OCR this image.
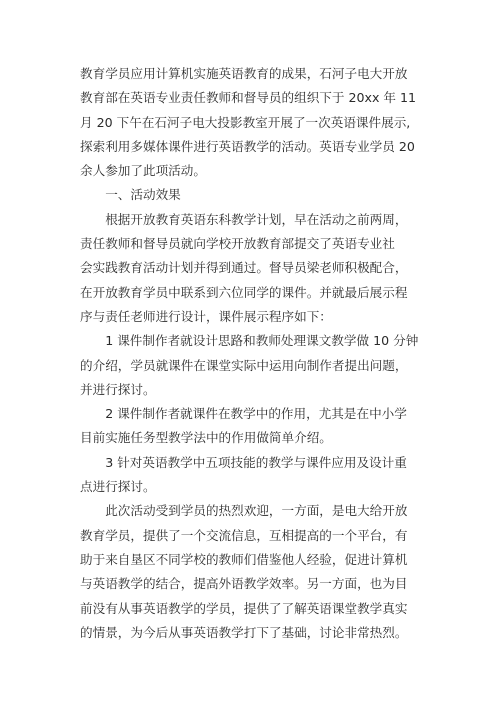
教育学员应用计算机实施英语教育的成果，石河子电大开放
教育部在英语专业责任教师和督导员的组织下于 20xx 年 11
月 20 下午在石河子电大投影教室开展了一次英语课件展示,
探索利用多媒体课件进行英语教学的活动。英语专业学员 20
余人参加了此项活动。

一、活动效果

根据开放教育英语东科教学计划，早在活动之前两周，
责任教师和督导员就向学校开放教育部提交了英语专业社
会实践教育活动计划并得到通过。督导员梁老师积极配合，
在开放教育学员中联系到六位同学的课件。并就最后展示程
序与责任老师进行设计，课件展示程序如下：

1 课件制作者就设计思路和教师处理课文教学做 10 分钟
的介绍，学员就课件在课堂实际中运用向制作者提出问题，
并进行探讨。

2 课件制作者就课件在教学中的作用，尤其是在中小学
目前实施任务型教学法中的作用做简单介绍。

3 针对英语教学中五项技能的教学与课件应用及设计重
点进行探讨。

此次活动受到学员的热烈欢迎，一方面，是电大给开放
教育学员，提供了一个交流信息，互相提高的一个平台，有
助于来自垦区不同学校的教师们借鉴他人经验，促进计算机
与英语教学的结合，提高外语教学效率。另一方面，也为目
前没有从事英语教学的学员，提供了了解英语课堂教学真实
的情景，为今后从事英语教学打下了基础，讨论非常热烈。
